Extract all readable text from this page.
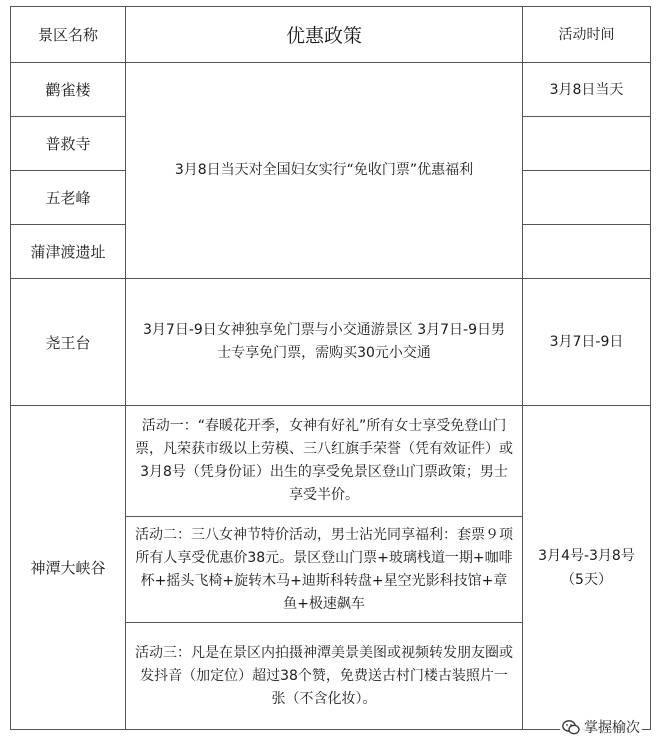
景区名称	优惠政策	活动时间
鹳雀楼	3月8日当天对全国妇女实行“免收门票”优惠福利	3月8日当天
普救寺		
五老峰		
蒲津渡遗址		
尧王台	3月7日-9日女神独享免门票与小交通游景区 3月7日-9日男士专享免门票，需购买30元小交通	3月7日-9日
神潭大峡谷	活动一：“春暖花开季，女神有好礼”所有女士享受免登山门票，凡荣获市级以上劳模、三八红旗手荣誉（凭有效证件）或3月8号（凭身份证）出生的享受免景区登山门票政策；男士享受半价。	3月4号-3月8号
（5天）

	活动二：三八女神节特价活动，男士沾光同享福利：套票９项所有人享受优惠价38元。景区登山门票+玻璃栈道一期+咖啡杯+摇头飞椅+旋转木马+迪斯科转盘+星空光影科技馆+章鱼+极速飙车	
	活动三：凡是在景区内拍摄神潭美景美图或视频转发朋友圈或发抖音（加定位）超过38个赞，免费送古村门楼古装照片一张（不含化妆）。	
掌握榆次
